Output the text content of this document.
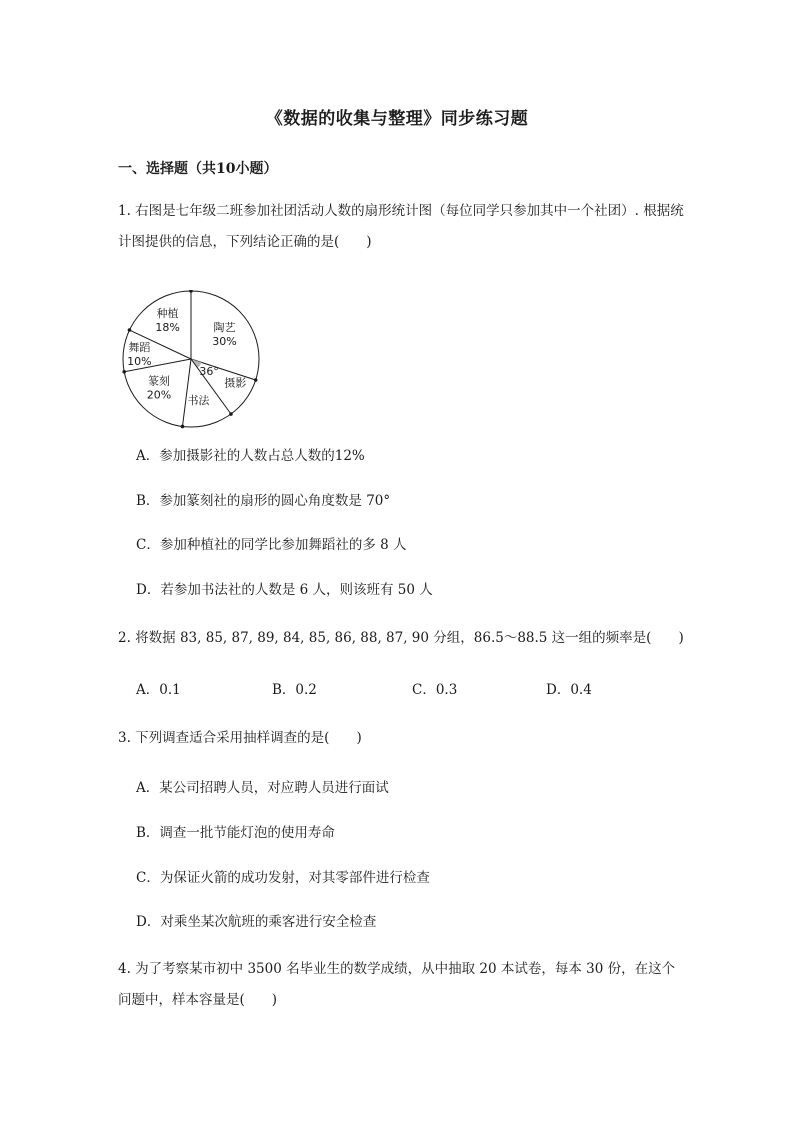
《数据的收集与整理》同步练习题
一、选择题（共10小题）
1. 右图是七年级二班参加社团活动人数的扇形统计图（每位同学只参加其中一个社团）. 根据统计图提供的信息，下列结论正确的是(　　)
陶艺
30%
摄影
36°
书法
篆刻
20%
舞蹈
10%
种植
18%
A．参加摄影社的人数占总人数的12%
B．参加篆刻社的扇形的圆心角度数是 70°
C．参加种植社的同学比参加舞蹈社的多 8 人
D．若参加书法社的人数是 6 人，则该班有 50 人
2. 将数据 83, 85, 87, 89, 84, 85, 86, 88, 87, 90 分组，86.5～88.5 这一组的频率是(　　)
A．0.1	B．0.2	C．0.3	D．0.4
3. 下列调查适合采用抽样调查的是(　　)
A．某公司招聘人员，对应聘人员进行面试
B．调查一批节能灯泡的使用寿命
C．为保证火箭的成功发射，对其零部件进行检查
D．对乘坐某次航班的乘客进行安全检查
4. 为了考察某市初中 3500 名毕业生的数学成绩，从中抽取 20 本试卷，每本 30 份，在这个问题中，样本容量是(　　)
